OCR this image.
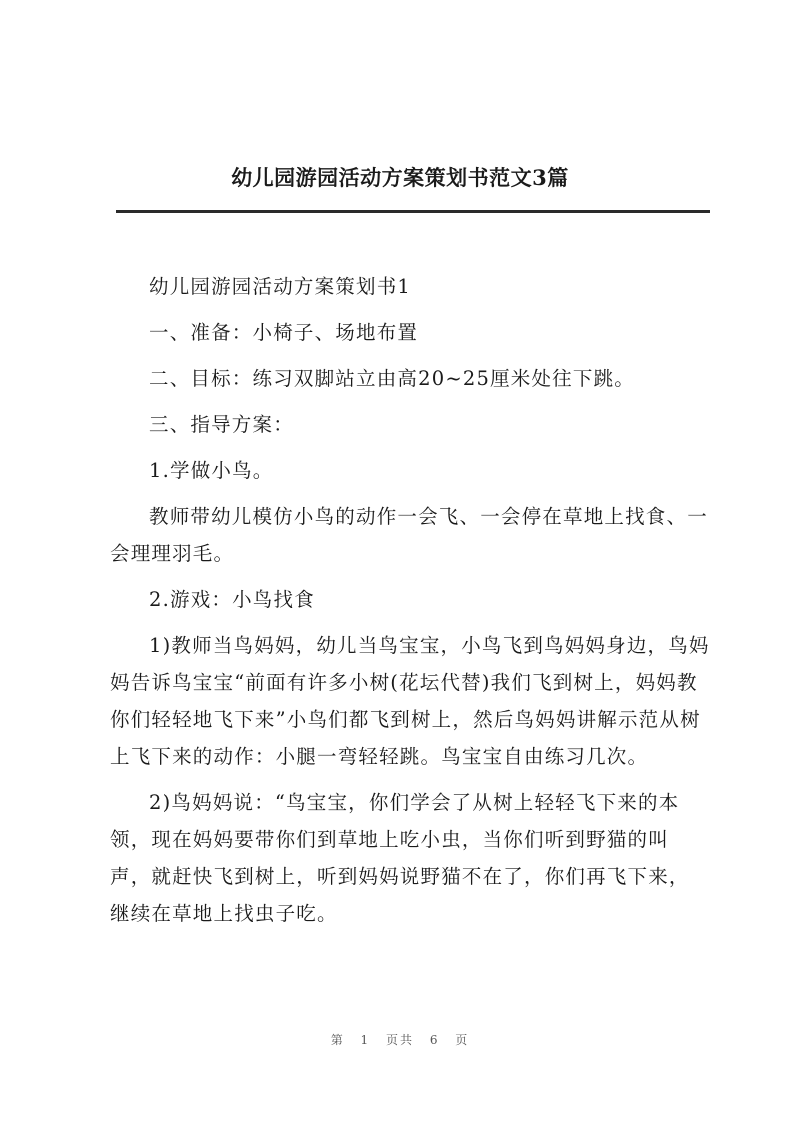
幼儿园游园活动方案策划书范文3篇

幼儿园游园活动方案策划书1

一、准备：小椅子、场地布置

二、目标：练习双脚站立由高20~25厘米处往下跳。

三、指导方案：

1.学做小鸟。

教师带幼儿模仿小鸟的动作一会飞、一会停在草地上找食、一会理理羽毛。

2.游戏：小鸟找食

1)教师当鸟妈妈，幼儿当鸟宝宝，小鸟飞到鸟妈妈身边，鸟妈妈告诉鸟宝宝“前面有许多小树(花坛代替)我们飞到树上，妈妈教你们轻轻地飞下来”小鸟们都飞到树上，然后鸟妈妈讲解示范从树上飞下来的动作：小腿一弯轻轻跳。鸟宝宝自由练习几次。

2)鸟妈妈说：“鸟宝宝，你们学会了从树上轻轻飞下来的本领，现在妈妈要带你们到草地上吃小虫，当你们听到野猫的叫声，就赶快飞到树上，听到妈妈说野猫不在了，你们再飞下来，继续在草地上找虫子吃。

第 1 页共 6 页
